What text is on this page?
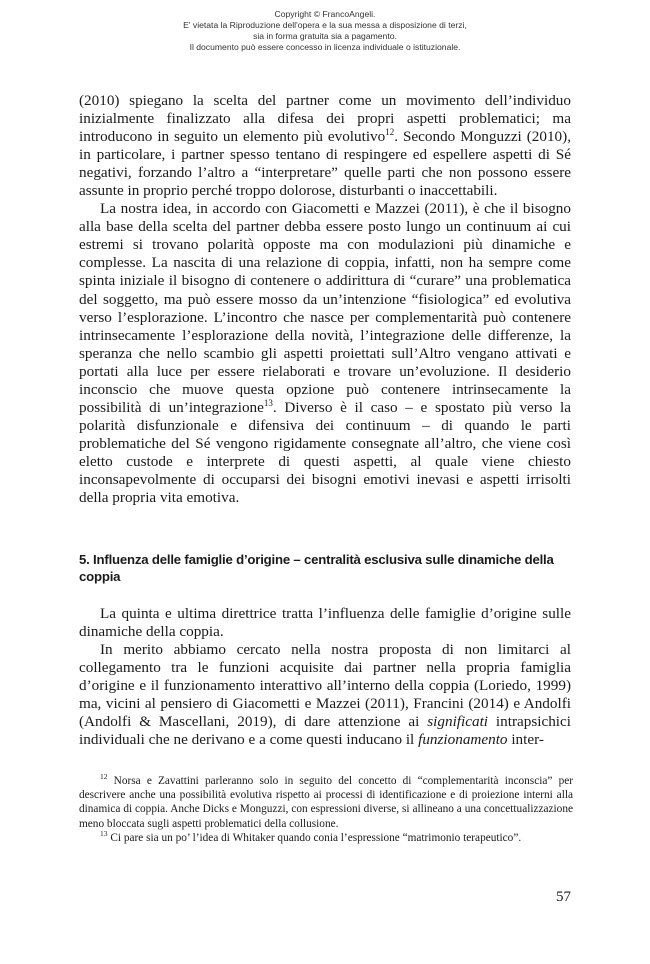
Copyright © FrancoAngeli.
E' vietata la Riproduzione dell'opera e la sua messa a disposizione di terzi,
sia in forma gratuita sia a pagamento.
Il documento può essere concesso in licenza individuale o istituzionale.

(2010) spiegano la scelta del partner come un movimento dell’individuo inizialmente finalizzato alla difesa dei propri aspetti problematici; ma introducono in seguito un elemento più evolutivo$^{12}$. Secondo Monguzzi (2010), in particolare, i partner spesso tentano di respingere ed espellere aspetti di Sé negativi, forzando l’altro a “interpretare” quelle parti che non possono essere assunte in proprio perché troppo dolorose, disturbanti o inaccettabili.

La nostra idea, in accordo con Giacometti e Mazzei (2011), è che il bisogno alla base della scelta del partner debba essere posto lungo un continuum ai cui estremi si trovano polarità opposte ma con modulazioni più dinamiche e complesse. La nascita di una relazione di coppia, infatti, non ha sempre come spinta iniziale il bisogno di contenere o addirittura di “curare” una problematica del soggetto, ma può essere mosso da un’intenzione “fisiologica” ed evolutiva verso l’esplorazione. L’incontro che nasce per complementarità può contenere intrinsecamente l’esplorazione della novità, l’integrazione delle differenze, la speranza che nello scambio gli aspetti proiettati sull’Altro vengano attivati e portati alla luce per essere rielaborati e trovare un’evoluzione. Il desiderio inconscio che muove questa opzione può contenere intrinsecamente la possibilità di un’integrazione$^{13}$. Diverso è il caso – e spostato più verso la polarità disfunzionale e difensiva dei continuum – di quando le parti problematiche del Sé vengono rigidamente consegnate all’altro, che viene così eletto custode e interprete di questi aspetti, al quale viene chiesto inconsapevolmente di occuparsi dei bisogni emotivi inevasi e aspetti irrisolti della propria vita emotiva.

5. Influenza delle famiglie d’origine – centralità esclusiva sulle dinamiche della coppia

La quinta e ultima direttrice tratta l’influenza delle famiglie d’origine sulle dinamiche della coppia.

In merito abbiamo cercato nella nostra proposta di non limitarci al collegamento tra le funzioni acquisite dai partner nella propria famiglia d’origine e il funzionamento interattivo all’interno della coppia (Loriedo, 1999) ma, vicini al pensiero di Giacometti e Mazzei (2011), Francini (2014) e Andolfi (Andolfi & Mascellani, 2019), di dare attenzione ai significati intrapsichici individuali che ne derivano e a come questi inducano il funzionamento inter-

$^{12}$ Norsa e Zavattini parleranno solo in seguito del concetto di “complementarità inconscia” per descrivere anche una possibilità evolutiva rispetto ai processi di identificazione e di proiezione interni alla dinamica di coppia. Anche Dicks e Monguzzi, con espressioni diverse, si allineano a una concettualizzazione meno bloccata sugli aspetti problematici della collusione.

$^{13}$ Ci pare sia un po’ l’idea di Whitaker quando conia l’espressione “matrimonio terapeutico”.

57
